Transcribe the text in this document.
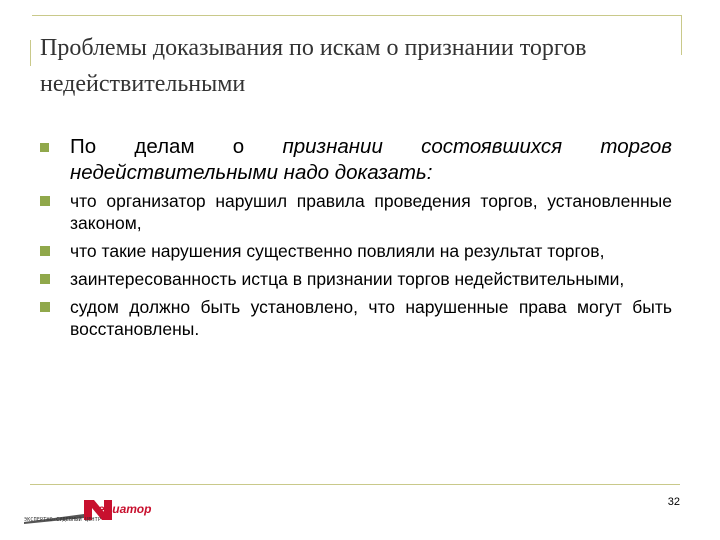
Проблемы доказывания по искам о признании торгов недействительными
По делам о признании состоявшихся торгов недействительными надо доказать:
что организатор нарушил правила проведения торгов, установленные законом,
что такие нарушения существенно повлияли на результат торгов,
заинтересованность истца в признании торгов недействительными,
судом должно быть установлено, что нарушенные права могут быть восстановлены.
едиатор
ЭКСПЕРТНО-СУДЕБНЫЙ ЦЕНТР
32
